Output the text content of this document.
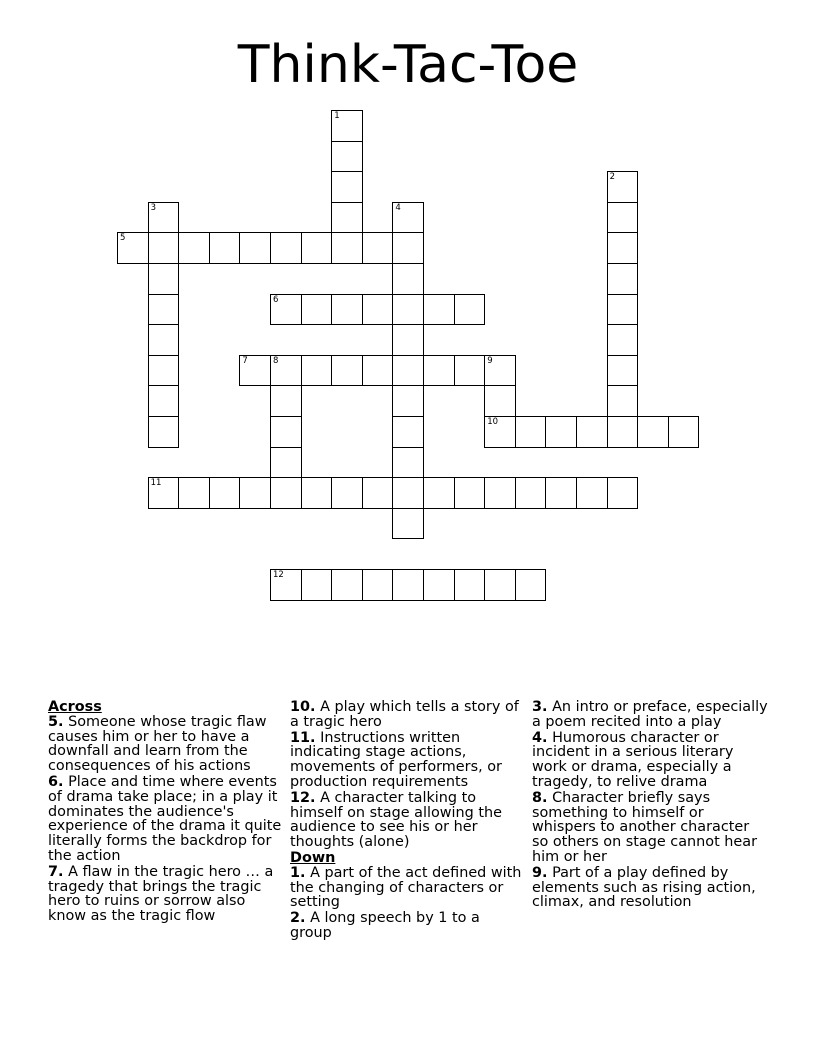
Think-Tac-Toe
1
2
3	4
5
6
7	8	9
10
11
12
Across
5. Someone whose tragic flaw causes him or her to have a downfall and learn from the consequences of his actions
6. Place and time where events of drama take place; in a play it dominates the audience's experience of the drama it quite literally forms the backdrop for the action
7. A flaw in the tragic hero … a tragedy that brings the tragic hero to ruins or sorrow also know as the tragic flow
10. A play which tells a story of a tragic hero
11. Instructions written indicating stage actions, movements of performers, or production requirements
12. A character talking to himself on stage allowing the audience to see his or her thoughts (alone)
Down
1. A part of the act defined with the changing of characters or setting
2. A long speech by 1 to a group
3. An intro or preface, especially a poem recited into a play
4. Humorous character or incident in a serious literary work or drama, especially a tragedy, to relive drama
8. Character briefly says something to himself or whispers to another character so others on stage cannot hear him or her
9. Part of a play defined by elements such as rising action, climax, and resolution
